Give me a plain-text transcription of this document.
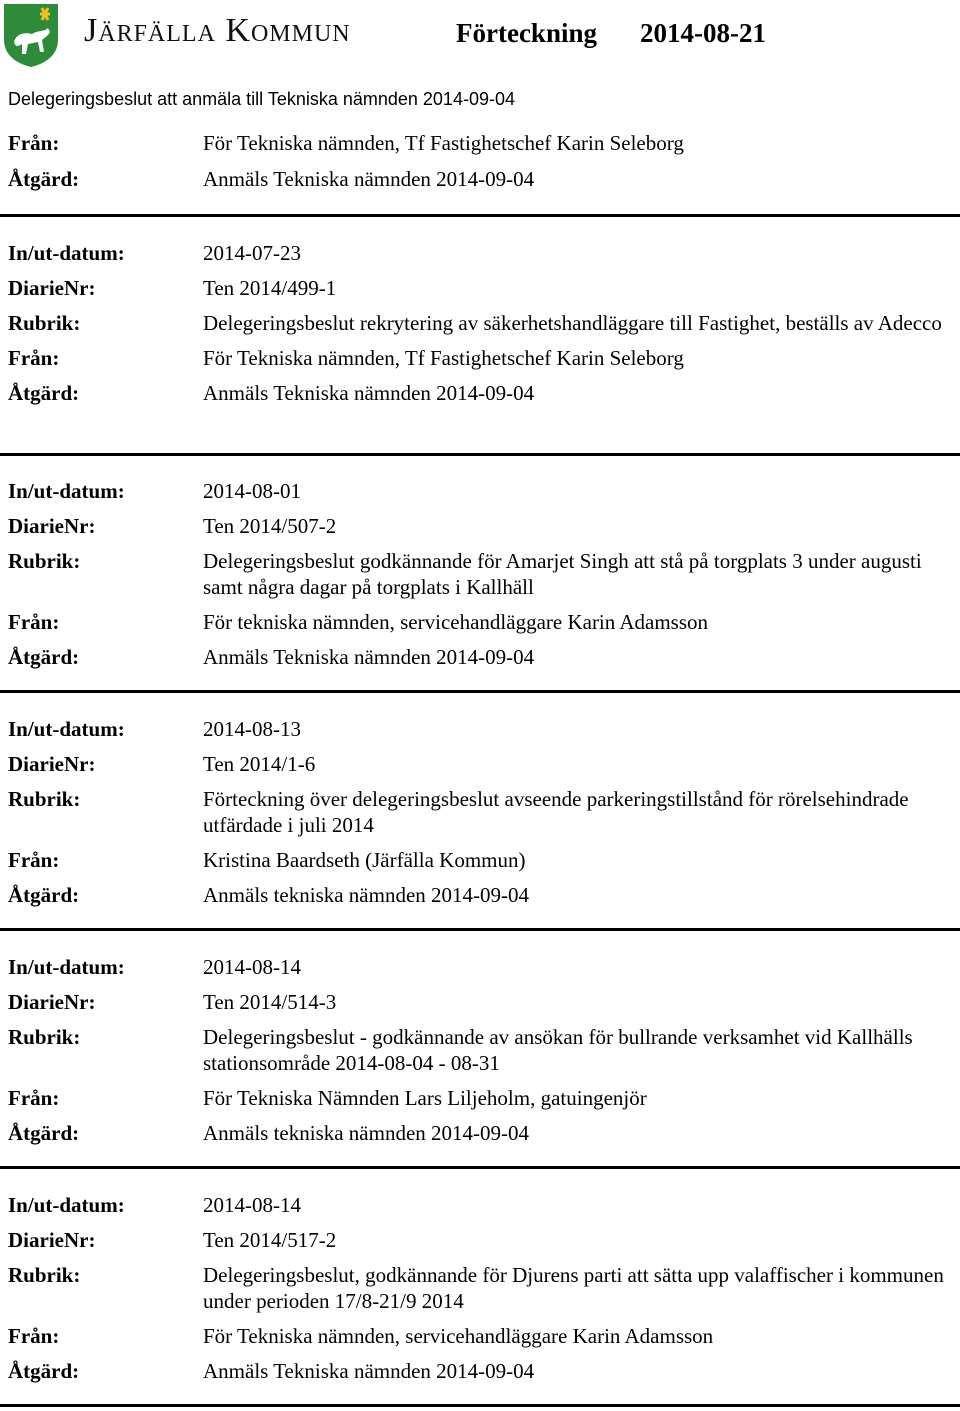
Järfälla Kommun	Förteckning 2014-08-21
Delegeringsbeslut att anmäla till Tekniska nämnden 2014-09-04
Från:	För Tekniska nämnden, Tf Fastighetschef Karin Seleborg
Åtgärd:	Anmäls Tekniska nämnden 2014-09-04
In/ut-datum:	2014-07-23
DiarieNr:	Ten 2014/499-1
Rubrik:	Delegeringsbeslut rekrytering av säkerhetshandläggare till Fastighet, beställs av Adecco
Från:	För Tekniska nämnden, Tf Fastighetschef Karin Seleborg
Åtgärd:	Anmäls Tekniska nämnden 2014-09-04
In/ut-datum:	2014-08-01
DiarieNr:	Ten 2014/507-2
Rubrik:	Delegeringsbeslut godkännande för Amarjet Singh att stå på torgplats 3 under augusti samt några dagar på torgplats i Kallhäll
Från:	För tekniska nämnden, servicehandläggare Karin Adamsson
Åtgärd:	Anmäls Tekniska nämnden 2014-09-04
In/ut-datum:	2014-08-13
DiarieNr:	Ten 2014/1-6
Rubrik:	Förteckning över delegeringsbeslut avseende parkeringstillstånd för rörelsehindrade utfärdade i juli 2014
Från:	Kristina Baardseth (Järfälla Kommun)
Åtgärd:	Anmäls tekniska nämnden 2014-09-04
In/ut-datum:	2014-08-14
DiarieNr:	Ten 2014/514-3
Rubrik:	Delegeringsbeslut - godkännande av ansökan för bullrande verksamhet vid Kallhälls stationsområde 2014-08-04 - 08-31
Från:	För Tekniska Nämnden Lars Liljeholm, gatuingenjör
Åtgärd:	Anmäls tekniska nämnden 2014-09-04
In/ut-datum:	2014-08-14
DiarieNr:	Ten 2014/517-2
Rubrik:	Delegeringsbeslut, godkännande för Djurens parti att sätta upp valaffischer i kommunen under perioden 17/8-21/9 2014
Från:	För Tekniska nämnden, servicehandläggare Karin Adamsson
Åtgärd:	Anmäls Tekniska nämnden 2014-09-04
